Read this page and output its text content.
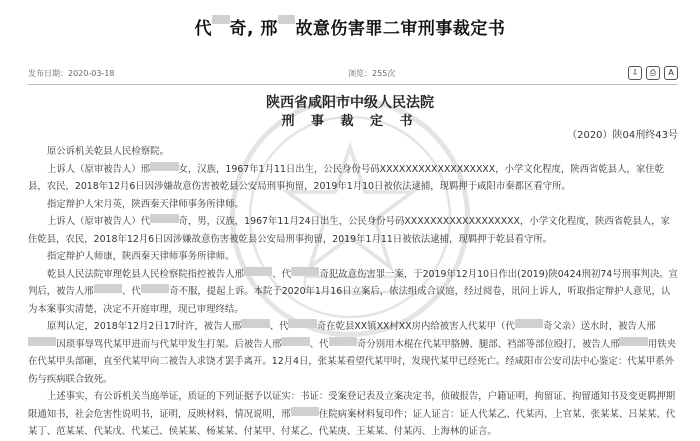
代 奇, 邢 故意伤害罪二审刑事裁定书
发布日期：2020-03-18	浏览：255次	⇩	⎙	A
陕西省咸阳市中级人民法院
刑 事 裁 定 书
（2020）陕04刑终43号

原公诉机关乾县人民检察院。

上诉人（原审被告人）邢	女，汉族，1967年1月11日出生，公民身份号码XXXXXXXXXXXXXXXXXX，小学文化程度，陕西省乾县人，家住乾县，农民，2018年12月6日因涉嫌故意伤害被乾县公安局刑事拘留，2019年1月10日被依法逮捕，现羁押于咸阳市秦都区看守所。

指定辩护人宋月英，陕西秦天律师事务所律师。

上诉人（原审被告人）代	奇，男，汉族，1967年11月24日出生，公民身份号码XXXXXXXXXXXXXXXXXX，小学文化程度，陕西省乾县人，家住乾县，农民，2018年12月6日因涉嫌故意伤害被乾县公安局刑事拘留，2019年1月11日被依法逮捕，现羁押于乾县看守所。

指定辩护人师康，陕西秦天律师事务所律师。

乾县人民法院审理乾县人民检察院指控被告人邢	、代	奇犯故意伤害罪一案，于2019年12月10日作出(2019)陕0424刑初74号刑事判决。宣判后，被告人邢	、代	奇不服，提起上诉。本院于2020年1月16日立案后，依法组成合议庭，经过阅卷，讯问上诉人，听取指定辩护人意见，认为本案事实清楚，决定不开庭审理，现已审理终结。

原判认定，2018年12月2日17时许，被告人邢	、代	奇在乾县XX镇XX村XX房内给被害人代某甲（代	奇父亲）送水时，被告人邢因琐事辱骂代某甲进而与代某甲发生打架。后被告人邢	、代	奇分别用木棍在代某甲胳膊、腿部、裆部等部位殴打，被告人邢	用铁夹在代某甲头部砸，直至代某甲向二被告人求饶才罢手离开。12月4日，张某某看望代某甲时，发现代某甲已经死亡。经咸阳市公安司法中心鉴定：代某甲系外伤与疾病联合致死。

上述事实，有公诉机关当庭举证，质证的下列证据予以证实：书证：受案登记表及立案决定书，侦破报告，户籍证明，拘留证、拘留通知书及变更羁押期限通知书，社会危害性说明书，证明，反映材料，情况说明，邢	住院病案材料复印件；证人证言：证人代某乙、代某丙、上官某、张某某、吕某某、代某丁、范某某、代某戊、代某己、侯某某、杨某某、付某甲、付某乙、代某庚、王某某、付某丙、上海林的证言。
